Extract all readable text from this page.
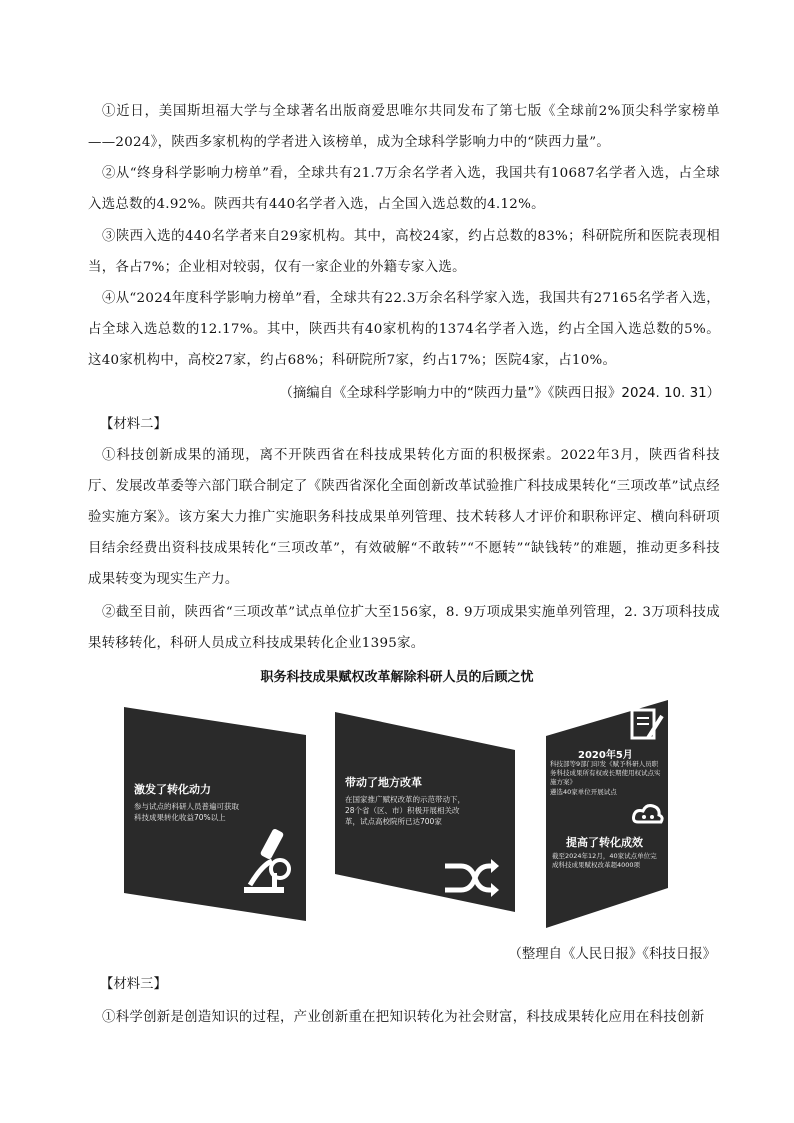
①近日，美国斯坦福大学与全球著名出版商爱思唯尔共同发布了第七版《全球前2%顶尖科学家榜单——2024》，陕西多家机构的学者进入该榜单，成为全球科学影响力中的“陕西力量”。

②从“终身科学影响力榜单”看，全球共有21.7万余名学者入选，我国共有10687名学者入选，占全球入选总数的4.92%。陕西共有440名学者入选，占全国入选总数的4.12%。

③陕西入选的440名学者来自29家机构。其中，高校24家，约占总数的83%；科研院所和医院表现相当，各占7%；企业相对较弱，仅有一家企业的外籍专家入选。

④从“2024年度科学影响力榜单”看，全球共有22.3万余名科学家入选，我国共有27165名学者入选，占全球入选总数的12.17%。其中，陕西共有40家机构的1374名学者入选，约占全国入选总数的5%。这40家机构中，高校27家，约占68%；科研院所7家，约占17%；医院4家，占10%。

（摘编自《全球科学影响力中的“陕西力量”》《陕西日报》2024. 10. 31）

【材料二】

①科技创新成果的涌现，离不开陕西省在科技成果转化方面的积极探索。2022年3月，陕西省科技厅、发展改革委等六部门联合制定了《陕西省深化全面创新改革试验推广科技成果转化“三项改革”试点经验实施方案》。该方案大力推广实施职务科技成果单列管理、技术转移人才评价和职称评定、横向科研项目结余经费出资科技成果转化“三项改革”，有效破解“不敢转”“不愿转”“缺钱转”的难题，推动更多科技成果转变为现实生产力。

②截至目前，陕西省“三项改革”试点单位扩大至156家，8. 9万项成果实施单列管理，2. 3万项科技成果转移转化，科研人员成立科技成果转化企业1395家。

职务科技成果赋权改革解除科研人员的后顾之忧

激发了转化动力

参与试点的科研人员普遍可获取科技成果转化收益70%以上

带动了地方改革

在国家推广赋权改革的示范带动下，28个省（区、市）积极开展相关改革，试点高校院所已达700家

2020年5月

科技部等9部门印发《赋予科研人员职务科技成果所有权或长期使用权试点实施方案》

遴选40家单位开展试点

提高了转化成效

截至2024年12月，40家试点单位完成科技成果赋权改革超4000项

（整理自《人民日报》《科技日报》

【材料三】

①科学创新是创造知识的过程，产业创新重在把知识转化为社会财富，科技成果转化应用在科技创新
